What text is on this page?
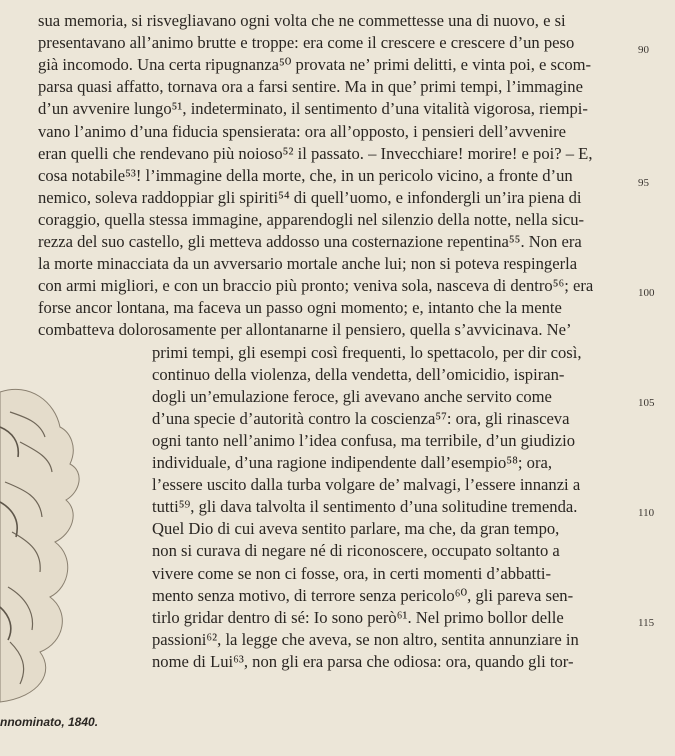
sua memoria, si risvegliavano ogni volta che ne commettesse una di nuovo, e si
presentavano all’animo brutte e troppe: era come il crescere e crescere d’un peso
già incomodo. Una certa ripugnanza⁵⁰ provata ne’ primi delitti, e vinta poi, e scom-
parsa quasi affatto, tornava ora a farsi sentire. Ma in que’ primi tempi, l’immagine
d’un avvenire lungo⁵¹, indeterminato, il sentimento d’una vitalità vigorosa, riempi-
vano l’animo d’una fiducia spensierata: ora all’opposto, i pensieri dell’avvenire
eran quelli che rendevano più noioso⁵² il passato. – Invecchiare! morire! e poi? – E,
cosa notabile⁵³! l’immagine della morte, che, in un pericolo vicino, a fronte d’un
nemico, soleva raddoppiar gli spiriti⁵⁴ di quell’uomo, e infondergli un’ira piena di
coraggio, quella stessa immagine, apparendogli nel silenzio della notte, nella sicu-
rezza del suo castello, gli metteva addosso una costernazione repentina⁵⁵. Non era
la morte minacciata da un avversario mortale anche lui; non si poteva respingerla
con armi migliori, e con un braccio più pronto; veniva sola, nasceva di dentro⁵⁶; era
forse ancor lontana, ma faceva un passo ogni momento; e, intanto che la mente
combatteva dolorosamente per allontanarne il pensiero, quella s’avvicinava. Ne’
primi tempi, gli esempi così frequenti, lo spettacolo, per dir così,
continuo della violenza, della vendetta, dell’omicidio, ispiran-
dogli un’emulazione feroce, gli avevano anche servito come
d’una specie d’autorità contro la coscienza⁵⁷: ora, gli rinasceva
ogni tanto nell’animo l’idea confusa, ma terribile, d’un giudizio
individuale, d’una ragione indipendente dall’esempio⁵⁸; ora,
l’essere uscito dalla turba volgare de’ malvagi, l’essere innanzi a
tutti⁵⁹, gli dava talvolta il sentimento d’una solitudine tremenda.
Quel Dio di cui aveva sentito parlare, ma che, da gran tempo,
non si curava di negare né di riconoscere, occupato soltanto a
vivere come se non ci fosse, ora, in certi momenti d’abbatti-
mento senza motivo, di terrore senza pericolo⁶⁰, gli pareva sen-
tirlo gridar dentro di sé: Io sono però⁶¹. Nel primo bollor delle
passioni⁶², la legge che aveva, se non altro, sentita annunziare in
nome di Lui⁶³, non gli era parsa che odiosa: ora, quando gli tor-
90
95
100
105
110
115
nnominato, 1840.
